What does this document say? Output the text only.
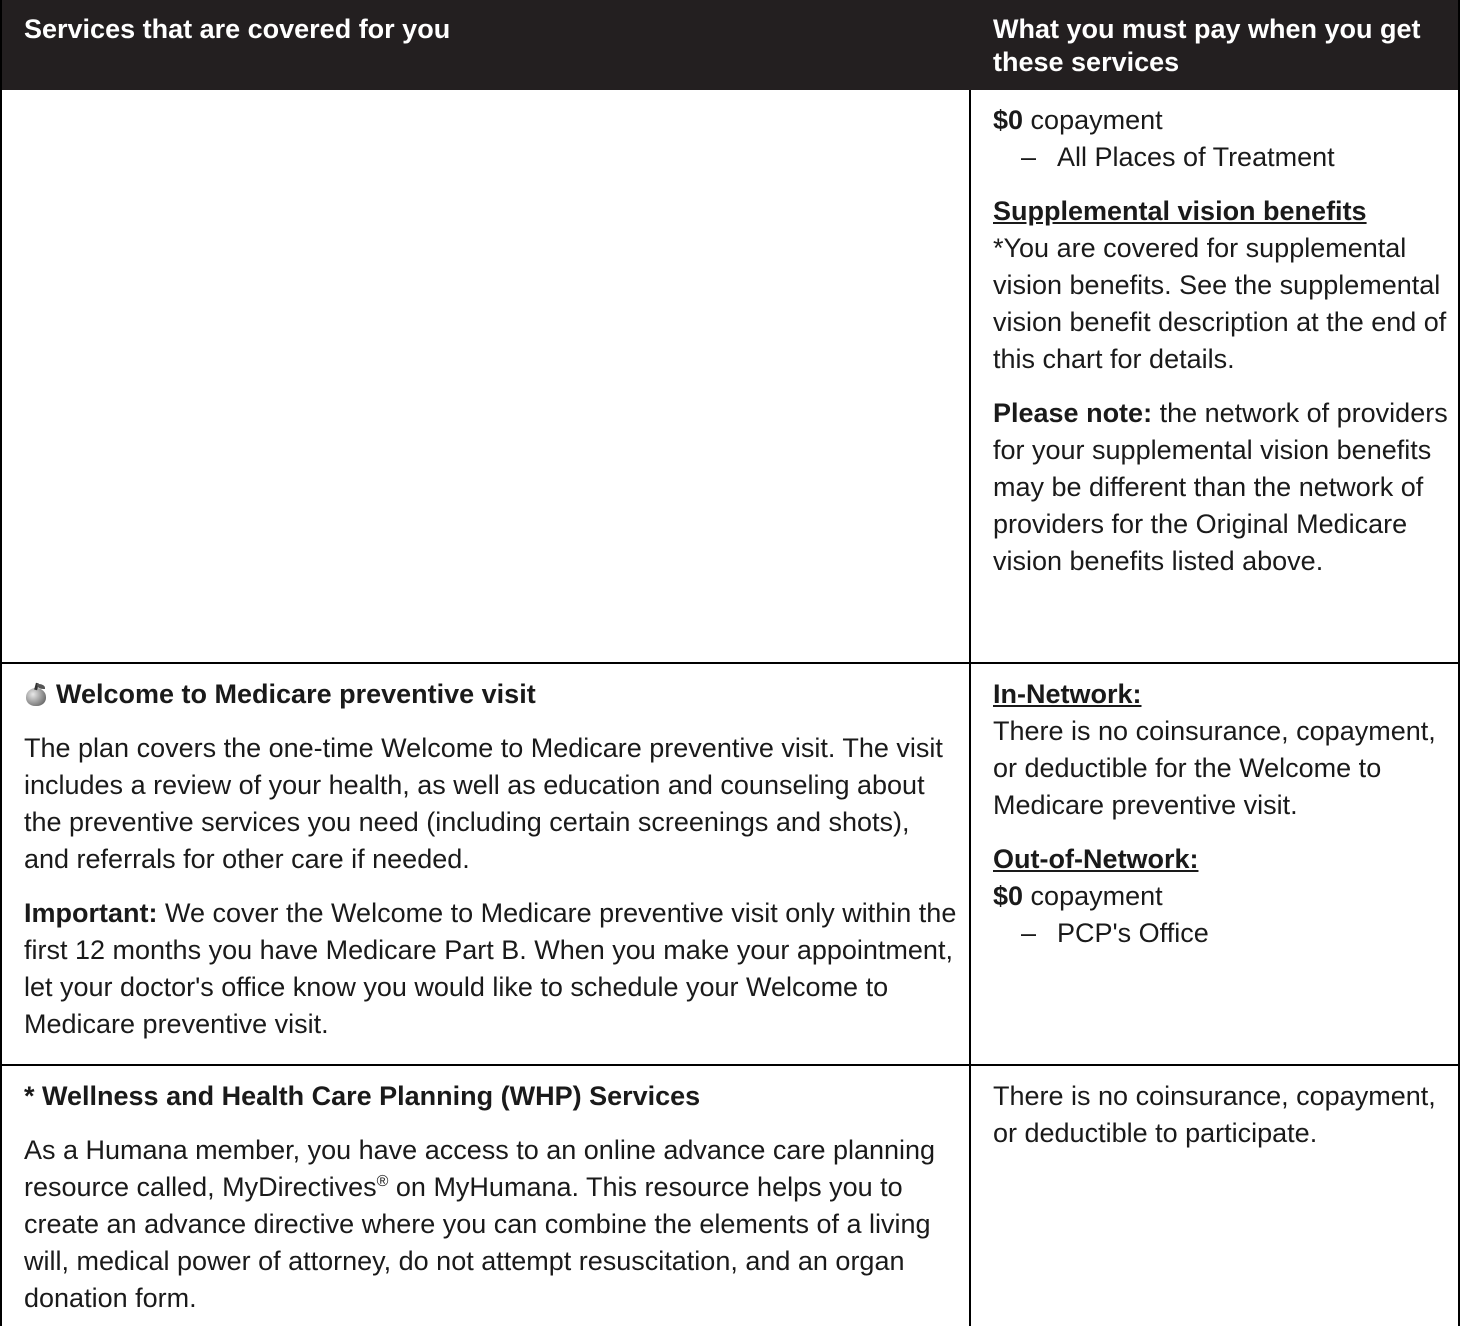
Services that are covered for you	What you must pay when you get these services

$0 copayment

– All Places of Treatment

Supplemental vision benefits

*You are covered for supplemental vision benefits. See the supplemental vision benefit description at the end of this chart for details.

Please note: the network of providers for your supplemental vision benefits may be different than the network of providers for the Original Medicare vision benefits listed above.

Welcome to Medicare preventive visit

The plan covers the one-time Welcome to Medicare preventive visit. The visit includes a review of your health, as well as education and counseling about the preventive services you need (including certain screenings and shots), and referrals for other care if needed.

Important: We cover the Welcome to Medicare preventive visit only within the first 12 months you have Medicare Part B. When you make your appointment, let your doctor's office know you would like to schedule your Welcome to Medicare preventive visit.

In-Network:

There is no coinsurance, copayment, or deductible for the Welcome to Medicare preventive visit.

Out-of-Network:

$0 copayment

– PCP's Office

* Wellness and Health Care Planning (WHP) Services

As a Humana member, you have access to an online advance care planning resource called, MyDirectives® on MyHumana. This resource helps you to create an advance directive where you can combine the elements of a living will, medical power of attorney, do not attempt resuscitation, and an organ donation form.

There is no coinsurance, copayment, or deductible to participate.
